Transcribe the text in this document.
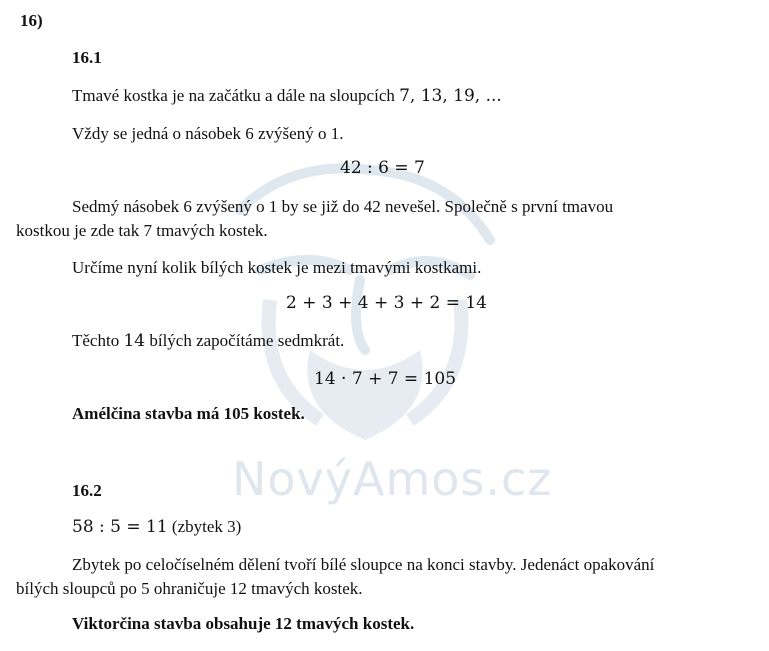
NovýAmos.cz
16)
16.1
Tmavé kostka je na začátku a dále na sloupcích 7, 13, 19, ...
Vždy se jedná o násobek 6 zvýšený o 1.
42 : 6 = 7
Sedmý násobek 6 zvýšený o 1 by se již do 42 nevešel. Společně s první tmavou
kostkou je zde tak 7 tmavých kostek.
Určíme nyní kolik bílých kostek je mezi tmavými kostkami.
2 + 3 + 4 + 3 + 2 = 14
Těchto 14 bílých započítáme sedmkrát.
14 · 7 + 7 = 105
Amélčina stavba má 105 kostek.
16.2
58 : 5 = 11 (zbytek 3)
Zbytek po celočíselném dělení tvoří bílé sloupce na konci stavby. Jedenáct opakování
bílých sloupců po 5 ohraničuje 12 tmavých kostek.
Viktorčina stavba obsahuje 12 tmavých kostek.
